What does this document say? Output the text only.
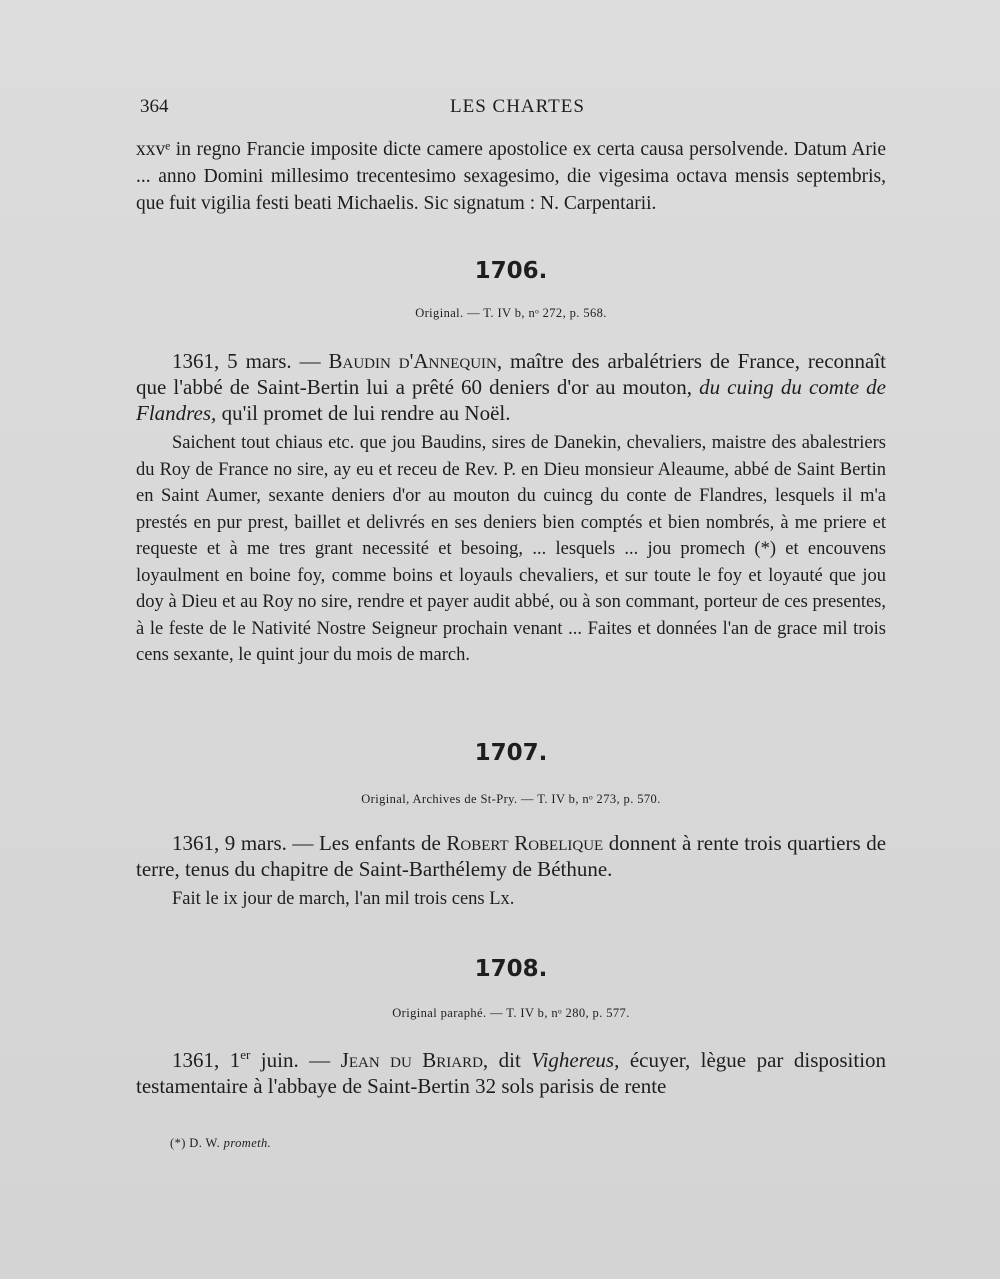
364	LES CHARTES
xxvᵉ in regno Francie imposite dicte camere apostolice ex certa causa persolvende. Datum Arie ... anno Domini millesimo trecentesimo sexagesimo, die vigesima octava mensis septembris, que fuit vigilia festi beati Michaelis. Sic signatum : N. Carpentarii.
1706.
Original. — T. IV b, nᵒ 272, p. 568.
1361, 5 mars. — Baudin d'Annequin, maître des arbalétriers de France, reconnaît que l'abbé de Saint-Bertin lui a prêté 60 deniers d'or au mouton, du cuing du comte de Flandres, qu'il promet de lui rendre au Noël.
Saichent tout chiaus etc. que jou Baudins, sires de Danekin, chevaliers, maistre des abalestriers du Roy de France no sire, ay eu et receu de Rev. P. en Dieu monsieur Aleaume, abbé de Saint Bertin en Saint Aumer, sexante deniers d'or au mouton du cuincg du conte de Flandres, lesquels il m'a prestés en pur prest, baillet et delivrés en ses deniers bien comptés et bien nombrés, à me priere et requeste et à me tres grant necessité et besoing, ... lesquels ... jou promech (*) et encouvens loyaulment en boine foy, comme boins et loyauls chevaliers, et sur toute le foy et loyauté que jou doy à Dieu et au Roy no sire, rendre et payer audit abbé, ou à son commant, porteur de ces presentes, à le feste de le Nativité Nostre Seigneur prochain venant ... Faites et données l'an de grace mil trois cens sexante, le quint jour du mois de march.
1707.
Original, Archives de St-Pry. — T. IV b, nᵒ 273, p. 570.
1361, 9 mars. — Les enfants de Robert Robelique donnent à rente trois quartiers de terre, tenus du chapitre de Saint-Barthélemy de Béthune.
Fait le ix jour de march, l'an mil trois cens Lx.
1708.
Original paraphé. — T. IV b, nᵒ 280, p. 577.
1361, 1er juin. — Jean du Briard, dit Vighereus, écuyer, lègue par disposition testamentaire à l'abbaye de Saint-Bertin 32 sols parisis de rente
(*) D. W. prometh.
